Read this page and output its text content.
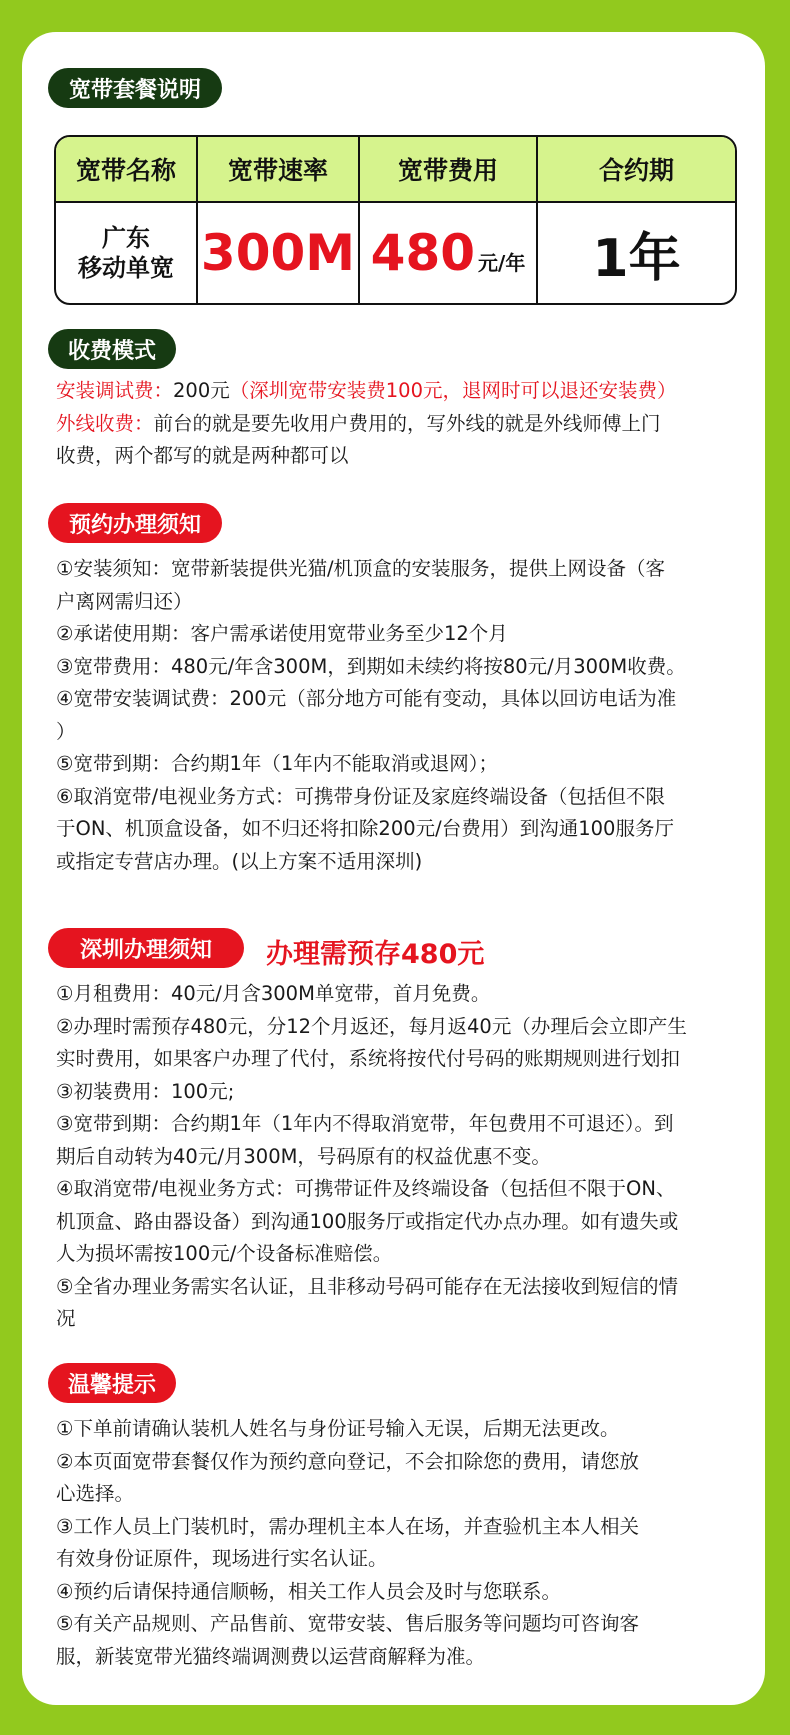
宽带套餐说明
宽带名称	宽带速率	宽带费用	合约期

广东
移动单宽	300M	480 元/年	1年
收费模式

安装调试费：200元（深圳宽带安装费100元，退网时可以退还安装费）

外线收费：前台的就是要先收用户费用的，写外线的就是外线师傅上门

收费，两个都写的就是两种都可以

预约办理须知

①安装须知：宽带新装提供光猫/机顶盒的安装服务，提供上网设备（客

户离网需归还）

②承诺使用期：客户需承诺使用宽带业务至少12个月

③宽带费用：480元/年含300M，到期如未续约将按80元/月300M收费。

④宽带安装调试费：200元（部分地方可能有变动，具体以回访电话为准

）

⑤宽带到期：合约期1年（1年内不能取消或退网）；

⑥取消宽带/电视业务方式：可携带身份证及家庭终端设备（包括但不限

于ON、机顶盒设备，如不归还将扣除200元/台费用）到沟通100服务厅

或指定专营店办理。(以上方案不适用深圳)

深圳办理须知	办理需预存480元

①月租费用：40元/月含300M单宽带，首月免费。

②办理时需预存480元，分12个月返还，每月返40元（办理后会立即产生

实时费用，如果客户办理了代付，系统将按代付号码的账期规则进行划扣

③初装费用：100元;

③宽带到期：合约期1年（1年内不得取消宽带，年包费用不可退还）。到

期后自动转为40元/月300M，号码原有的权益优惠不变。

④取消宽带/电视业务方式：可携带证件及终端设备（包括但不限于ON、

机顶盒、路由器设备）到沟通100服务厅或指定代办点办理。如有遗失或

人为损坏需按100元/个设备标准赔偿。

⑤全省办理业务需实名认证，且非移动号码可能存在无法接收到短信的情

况

温馨提示

①下单前请确认装机人姓名与身份证号输入无误，后期无法更改。

②本页面宽带套餐仅作为预约意向登记，不会扣除您的费用，请您放

心选择。

③工作人员上门装机时，需办理机主本人在场，并查验机主本人相关

有效身份证原件，现场进行实名认证。

④预约后请保持通信顺畅，相关工作人员会及时与您联系。

⑤有关产品规则、产品售前、宽带安装、售后服务等问题均可咨询客

服，新装宽带光猫终端调测费以运营商解释为准。
